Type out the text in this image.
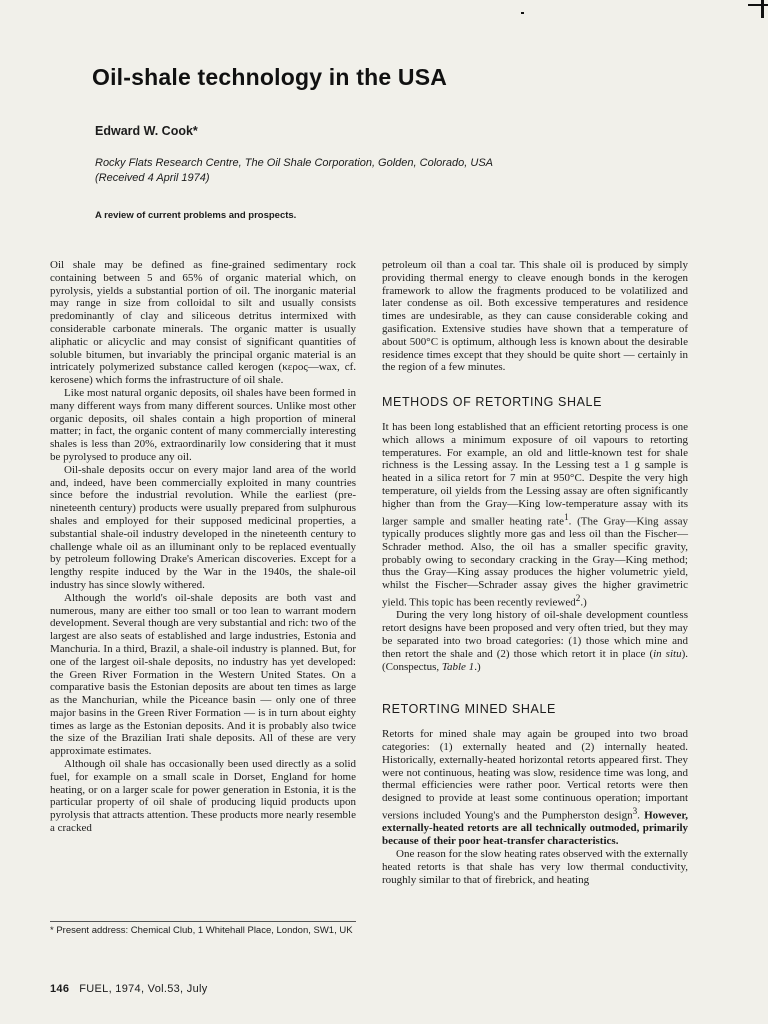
Oil-shale technology in the USA
Edward W. Cook*
Rocky Flats Research Centre, The Oil Shale Corporation, Golden, Colorado, USA
(Received 4 April 1974)
A review of current problems and prospects.

Oil shale may be defined as fine-grained sedimentary rock containing between 5 and 65% of organic material which, on pyrolysis, yields a substantial portion of oil. The inorganic material may range in size from colloidal to silt and usually consists predominantly of clay and siliceous detritus intermixed with considerable carbonate minerals. The organic matter is usually aliphatic or alicyclic and may consist of significant quantities of soluble bitumen, but invariably the principal organic material is an intricately polymerized substance called kerogen (κερος—wax, cf. kerosene) which forms the infrastructure of oil shale.

Like most natural organic deposits, oil shales have been formed in many different ways from many different sources. Unlike most other organic deposits, oil shales contain a high proportion of mineral matter; in fact, the organic content of many commercially interesting shales is less than 20%, extraordinarily low considering that it must be pyrolysed to produce any oil.

Oil-shale deposits occur on every major land area of the world and, indeed, have been commercially exploited in many countries since before the industrial revolution. While the earliest (pre-nineteenth century) products were usually prepared from sulphurous shales and employed for their supposed medicinal properties, a substantial shale-oil industry developed in the nineteenth century to challenge whale oil as an illuminant only to be replaced eventually by petroleum following Drake's American discoveries. Except for a lengthy respite induced by the War in the 1940s, the shale-oil industry has since slowly withered.

Although the world's oil-shale deposits are both vast and numerous, many are either too small or too lean to warrant modern development. Several though are very substantial and rich: two of the largest are also seats of established and large industries, Estonia and Manchuria. In a third, Brazil, a shale-oil industry is planned. But, for one of the largest oil-shale deposits, no industry has yet developed: the Green River Formation in the Western United States. On a comparative basis the Estonian deposits are about ten times as large as the Manchurian, while the Piceance basin — only one of three major basins in the Green River Formation — is in turn about eighty times as large as the Estonian deposits. And it is probably also twice the size of the Brazilian Irati shale deposits. All of these are very approximate estimates.

Although oil shale has occasionally been used directly as a solid fuel, for example on a small scale in Dorset, England for home heating, or on a larger scale for power generation in Estonia, it is the particular property of oil shale of producing liquid products upon pyrolysis that attracts attention. These products more nearly resemble a cracked

* Present address: Chemical Club, 1 Whitehall Place, London, SW1, UK

petroleum oil than a coal tar. This shale oil is produced by simply providing thermal energy to cleave enough bonds in the kerogen framework to allow the fragments produced to be volatilized and later condense as oil. Both excessive temperatures and residence times are undesirable, as they can cause considerable coking and gasification. Extensive studies have shown that a temperature of about 500°C is optimum, although less is known about the desirable residence times except that they should be quite short — certainly in the region of a few minutes.

METHODS OF RETORTING SHALE

It has been long established that an efficient retorting process is one which allows a minimum exposure of oil vapours to retorting temperatures. For example, an old and little-known test for shale richness is the Lessing assay. In the Lessing test a 1 g sample is heated in a silica retort for 7 min at 950°C. Despite the very high temperature, oil yields from the Lessing assay are often significantly higher than from the Gray—King low-temperature assay with its larger sample and smaller heating rate$^1$. (The Gray—King assay typically produces slightly more gas and less oil than the Fischer—Schrader method. Also, the oil has a smaller specific gravity, probably owing to secondary cracking in the Gray—King method; thus the Gray—King assay produces the higher volumetric yield, whilst the Fischer—Schrader assay gives the higher gravimetric yield. This topic has been recently reviewed$^2$.)

During the very long history of oil-shale development countless retort designs have been proposed and very often tried, but they may be separated into two broad categories: (1) those which mine and then retort the shale and (2) those which retort it in place (in situ). (Conspectus, Table 1.)

RETORTING MINED SHALE

Retorts for mined shale may again be grouped into two broad categories: (1) externally heated and (2) internally heated. Historically, externally-heated horizontal retorts appeared first. They were not continuous, heating was slow, residence time was long, and thermal efficiencies were rather poor. Vertical retorts were then designed to provide at least some continuous operation; important versions included Young's and the Pumpherston design$^3$. However, externally-heated retorts are all technically outmoded, primarily because of their poor heat-transfer characteristics.

One reason for the slow heating rates observed with the externally heated retorts is that shale has very low thermal conductivity, roughly similar to that of firebrick, and heating

146 FUEL, 1974, Vol.53, July
